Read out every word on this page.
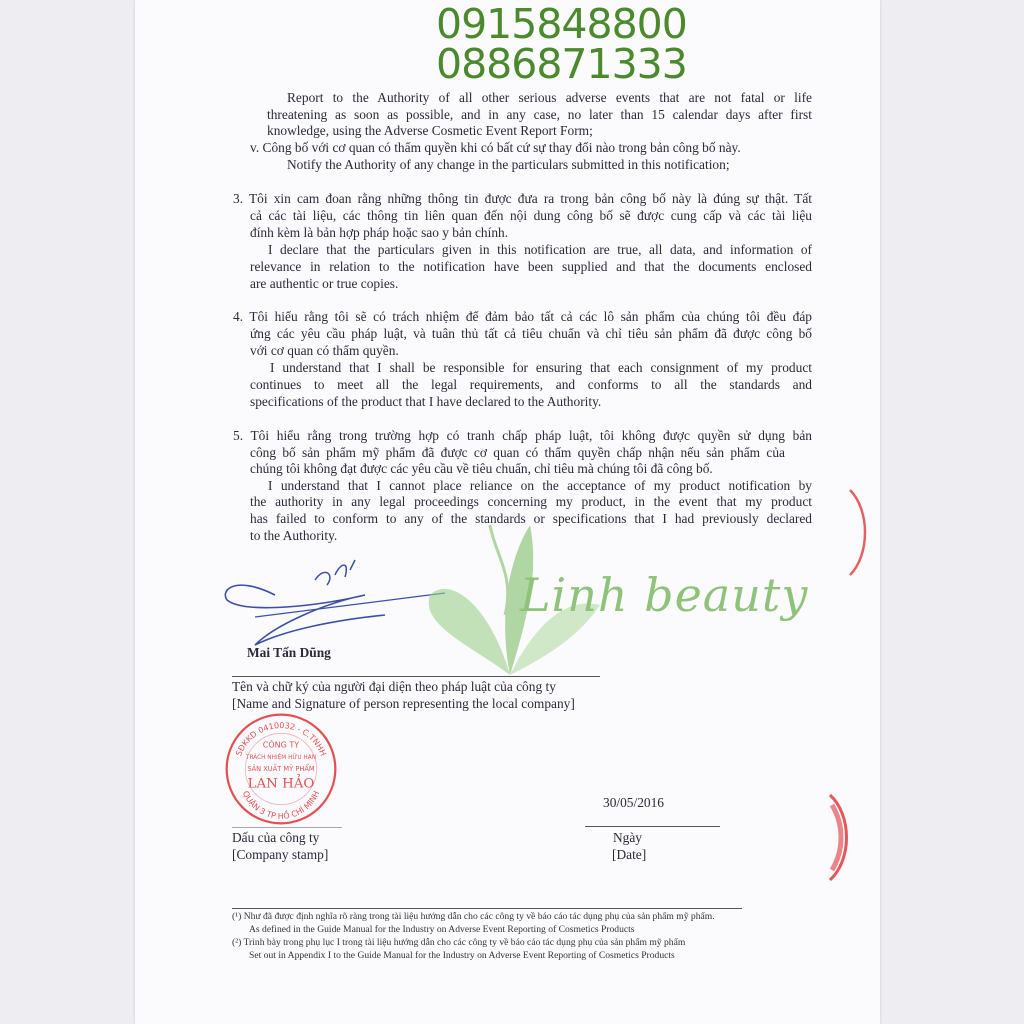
Report to the Authority of all other serious adverse events that are not fatal or life
threatening as soon as possible, and in any case, no later than 15 calendar days after first
knowledge, using the Adverse Cosmetic Event Report Form;
v. Công bố với cơ quan có thẩm quyền khi có bất cứ sự thay đổi nào trong bản công bố này.
Notify the Authority of any change in the particulars submitted in this notification;
3. Tôi xin cam đoan rằng những thông tin được đưa ra trong bản công bố này là đúng sự thật. Tất
cả các tài liệu, các thông tin liên quan đến nội dung công bố sẽ được cung cấp và các tài liệu
đính kèm là bản hợp pháp hoặc sao y bản chính.
I declare that the particulars given in this notification are true, all data, and information of
relevance in relation to the notification have been supplied and that the documents enclosed
are authentic or true copies.
4. Tôi hiểu rằng tôi sẽ có trách nhiệm để đảm bảo tất cả các lô sản phẩm của chúng tôi đều đáp
ứng các yêu cầu pháp luật, và tuân thủ tất cả tiêu chuẩn và chỉ tiêu sản phẩm đã được công bố
với cơ quan có thẩm quyền.
I understand that I shall be responsible for ensuring that each consignment of my product
continues to meet all the legal requirements, and conforms to all the standards and
specifications of the product that I have declared to the Authority.
5. Tôi hiểu rằng trong trường hợp có tranh chấp pháp luật, tôi không được quyền sử dụng bản
công bố sản phẩm mỹ phẩm đã được cơ quan có thẩm quyền chấp nhận nếu sản phẩm của
chúng tôi không đạt được các yêu cầu về tiêu chuẩn, chỉ tiêu mà chúng tôi đã công bố.
I understand that I cannot place reliance on the acceptance of my product notification by
the authority in any legal proceedings concerning my product, in the event that my product
has failed to conform to any of the standards or specifications that I had previously declared
to the Authority.
Mai Tấn Dũng
Tên và chữ ký của người đại diện theo pháp luật của công ty
[Name and Signature of person representing the local company]
SĐKKD 0410032 - C.TNHH
QUẬN 3 TP HỒ CHÍ MINH
CÔNG TY
TRÁCH NHIỆM HỮU HẠN
SẢN XUẤT MỸ PHẨM
LAN HẢO
30/05/2016
Dấu của công ty
[Company stamp]
Ngày
[Date]
(¹) Như đã được định nghĩa rõ ràng trong tài liệu hướng dẫn cho các công ty về báo cáo tác dụng phụ của sản phẩm mỹ phẩm.
As defined in the Guide Manual for the Industry on Adverse Event Reporting of Cosmetics Products
(²) Trình bày trong phụ lục I trong tài liệu hướng dẫn cho các công ty về báo cáo tác dụng phụ của sản phẩm mỹ phẩm
Set out in Appendix I to the Guide Manual for the Industry on Adverse Event Reporting of Cosmetics Products
0915848800
0886871333
Linh beauty
